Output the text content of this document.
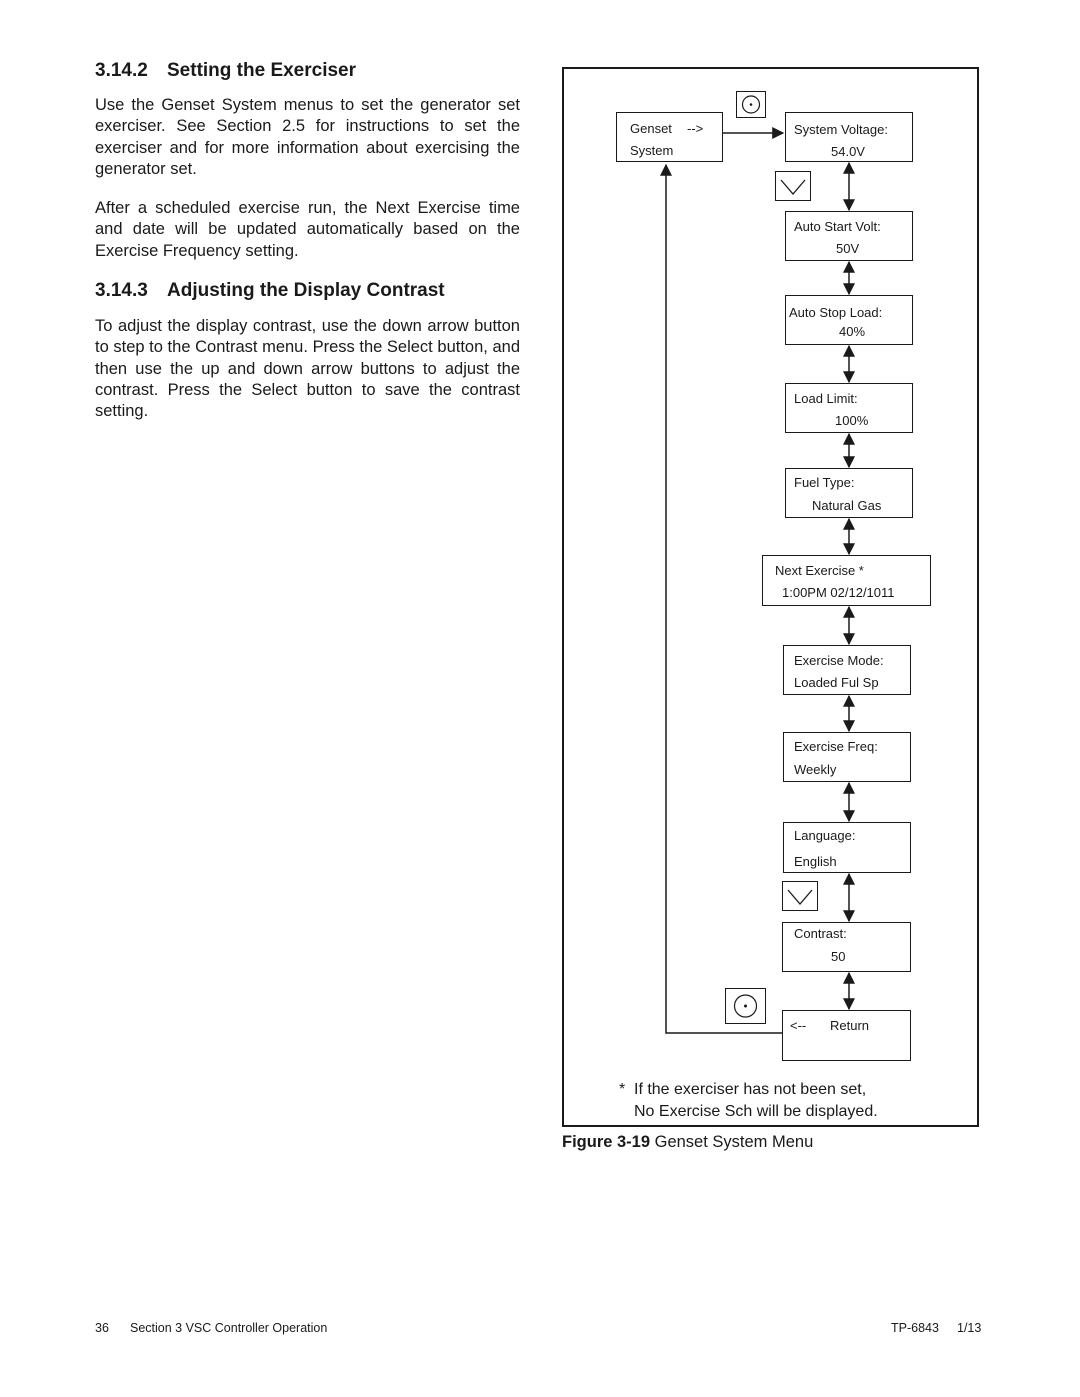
3.14.2 Setting the Exerciser

Use the Genset System menus to set the generator set exerciser. See Section 2.5 for instructions to set the exerciser and for more information about exercising the generator set.

After a scheduled exercise run, the Next Exercise time and date will be updated automatically based on the Exercise Frequency setting.

3.14.3 Adjusting the Display Contrast

To adjust the display contrast, use the down arrow button to step to the Contrast menu. Press the Select button, and then use the up and down arrow buttons to adjust the contrast. Press the Select button to save the contrast setting.

Genset -->
System
System Voltage:
54.0V
Auto Start Volt:
50V
Auto Stop Load:
40%
Load Limit:
100%
Fuel Type:
Natural Gas
Next Exercise *
1:00PM 02/12/1011
Exercise Mode:
Loaded Ful Sp
Exercise Freq:
Weekly
Language:
English
Contrast:
50
<-- Return
* If the exerciser has not been set,
No Exercise Sch will be displayed.
Figure 3-19 Genset System Menu
36 Section 3 VSC Controller Operation	TP-6843 1/13
